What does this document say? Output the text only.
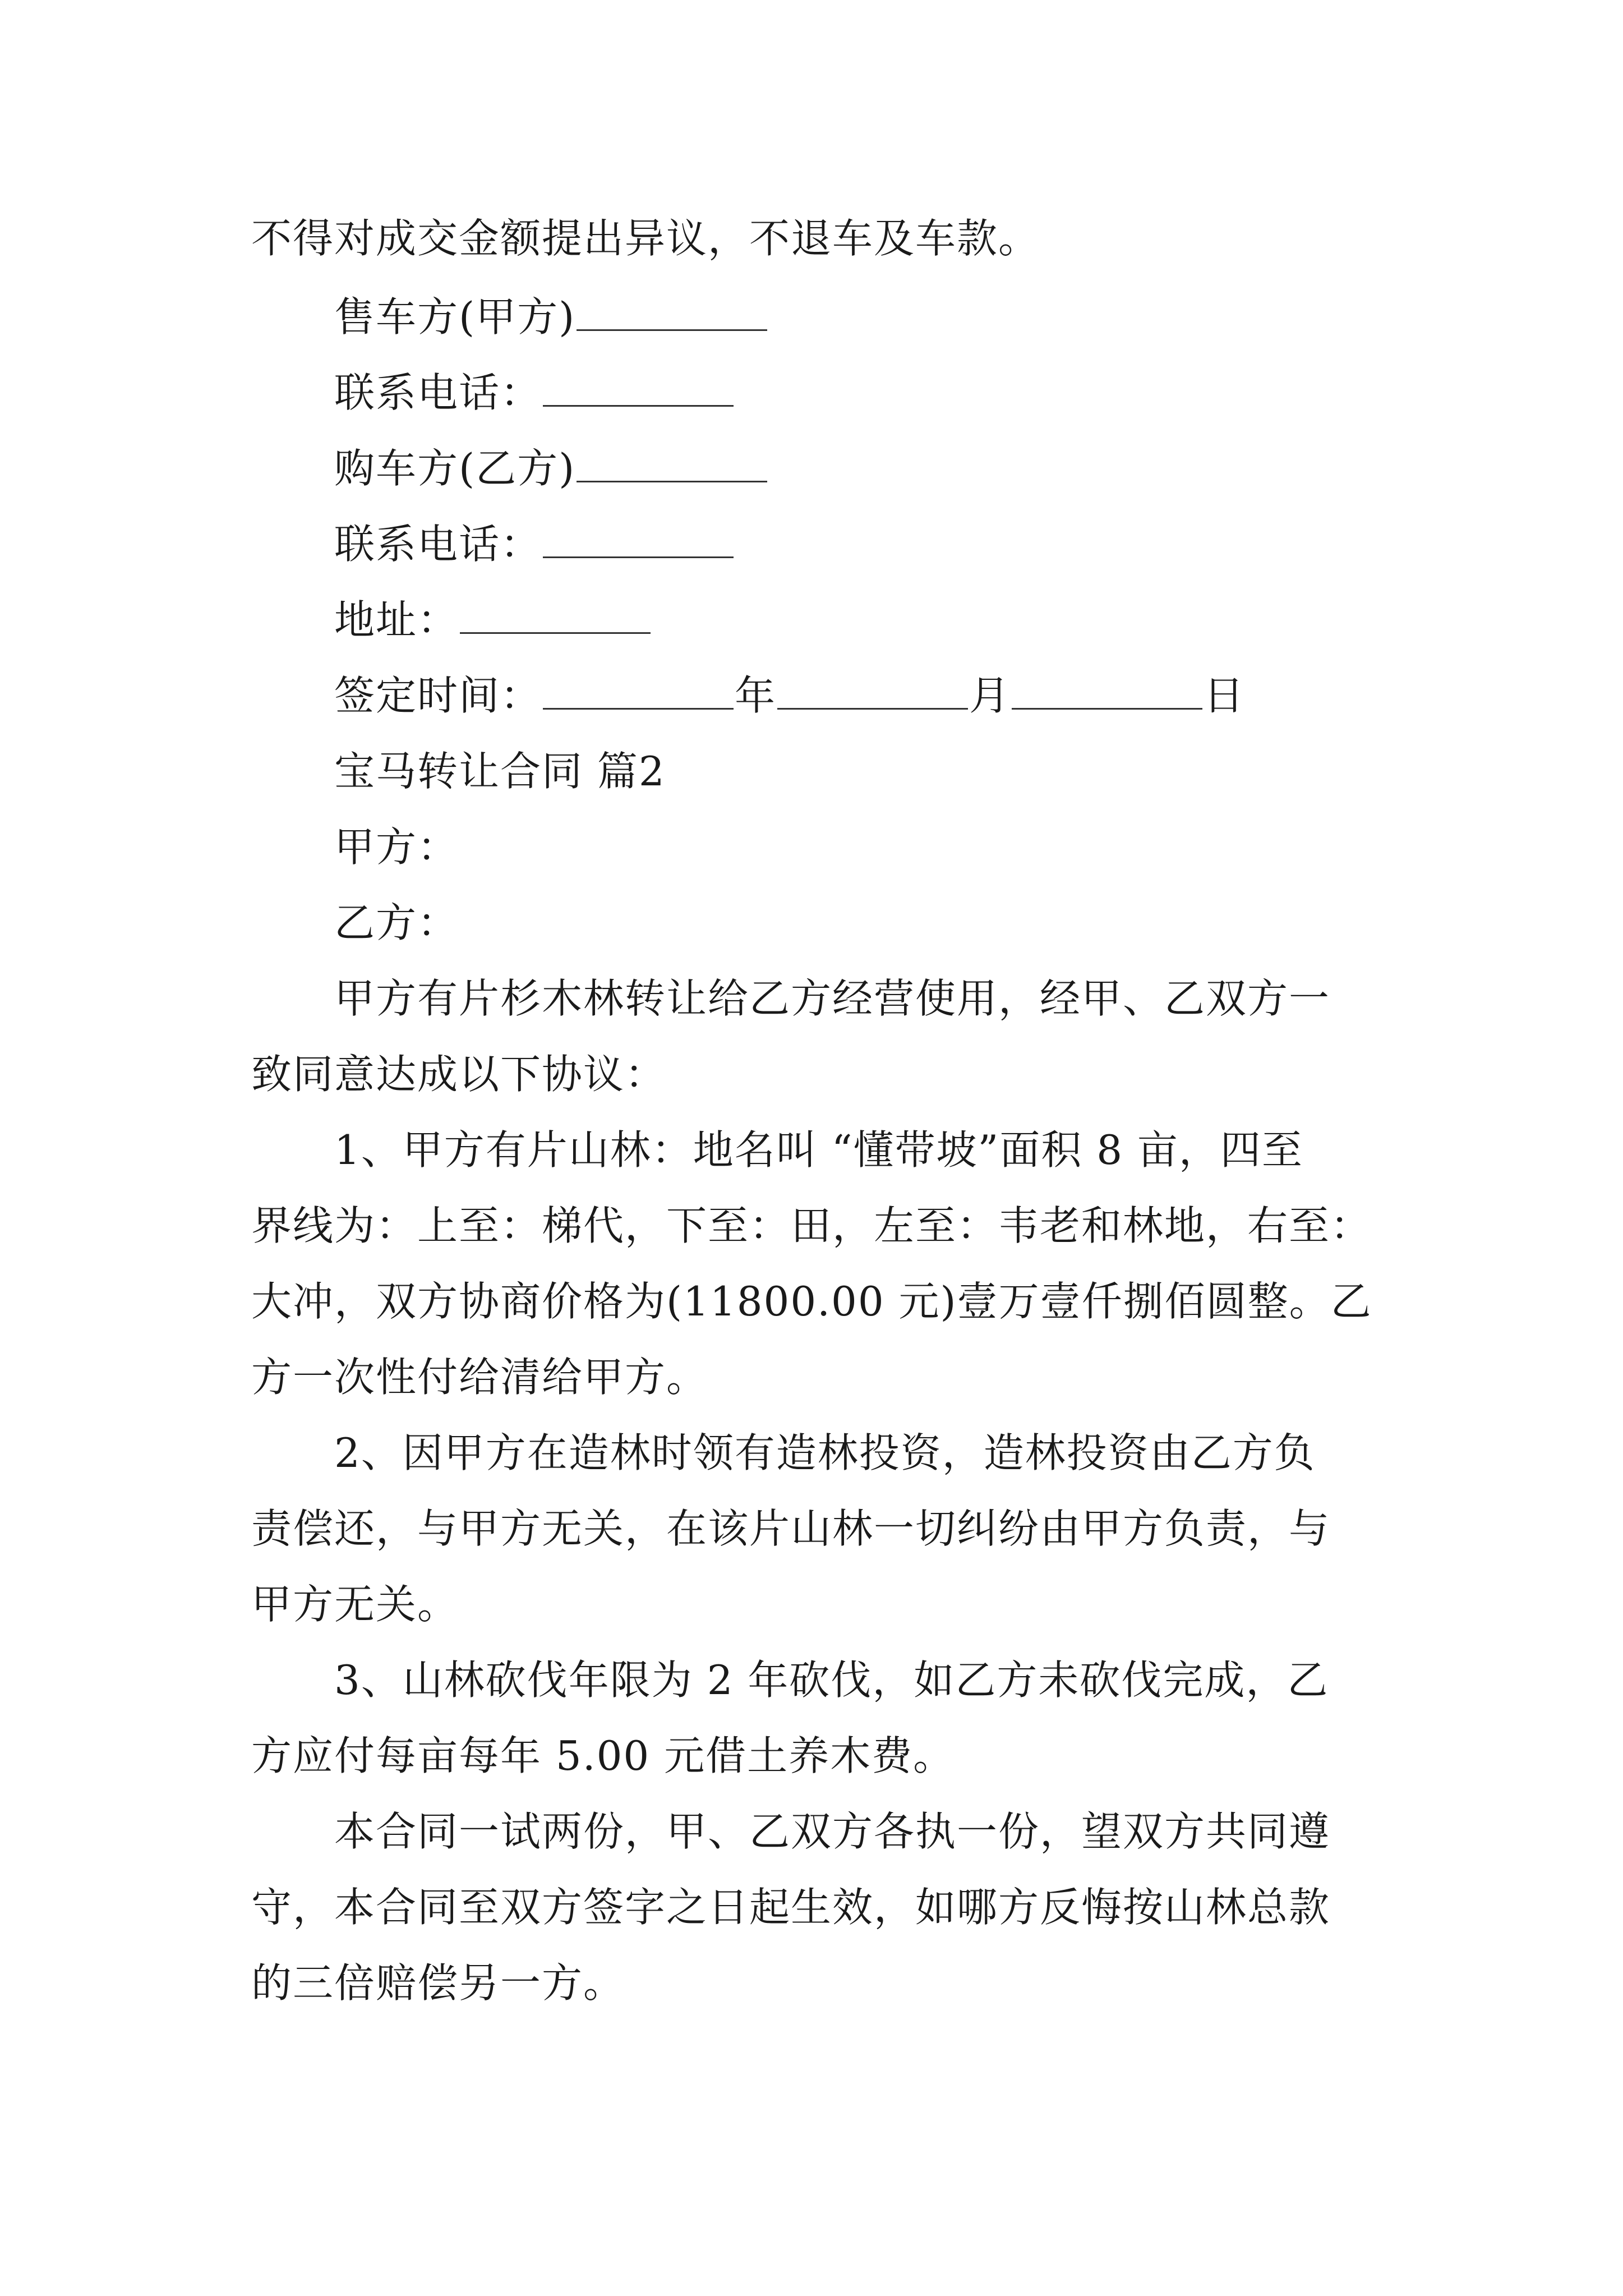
不得对成交金额提出异议，不退车及车款。
售车方(甲方)
联系电话：
购车方(乙方)
联系电话：
地址：
签定时间：	年	月	日
宝马转让合同 篇2
甲方：
乙方：
甲方有片杉木林转让给乙方经营使用，经甲、乙双方一
致同意达成以下协议：
1、甲方有片山林：地名叫 “懂带坡”面积 8 亩，四至
界线为：上至：梯代，下至：田，左至：韦老和林地，右至：
大冲，双方协商价格为(11800.00 元)壹万壹仟捌佰圆整。乙
方一次性付给清给甲方。
2、因甲方在造林时领有造林投资，造林投资由乙方负
责偿还，与甲方无关，在该片山林一切纠纷由甲方负责，与
甲方无关。
3、山林砍伐年限为 2 年砍伐，如乙方未砍伐完成，乙
方应付每亩每年 5.00 元借土养木费。
本合同一试两份，甲、乙双方各执一份，望双方共同遵
守，本合同至双方签字之日起生效，如哪方反悔按山林总款
的三倍赔偿另一方。
